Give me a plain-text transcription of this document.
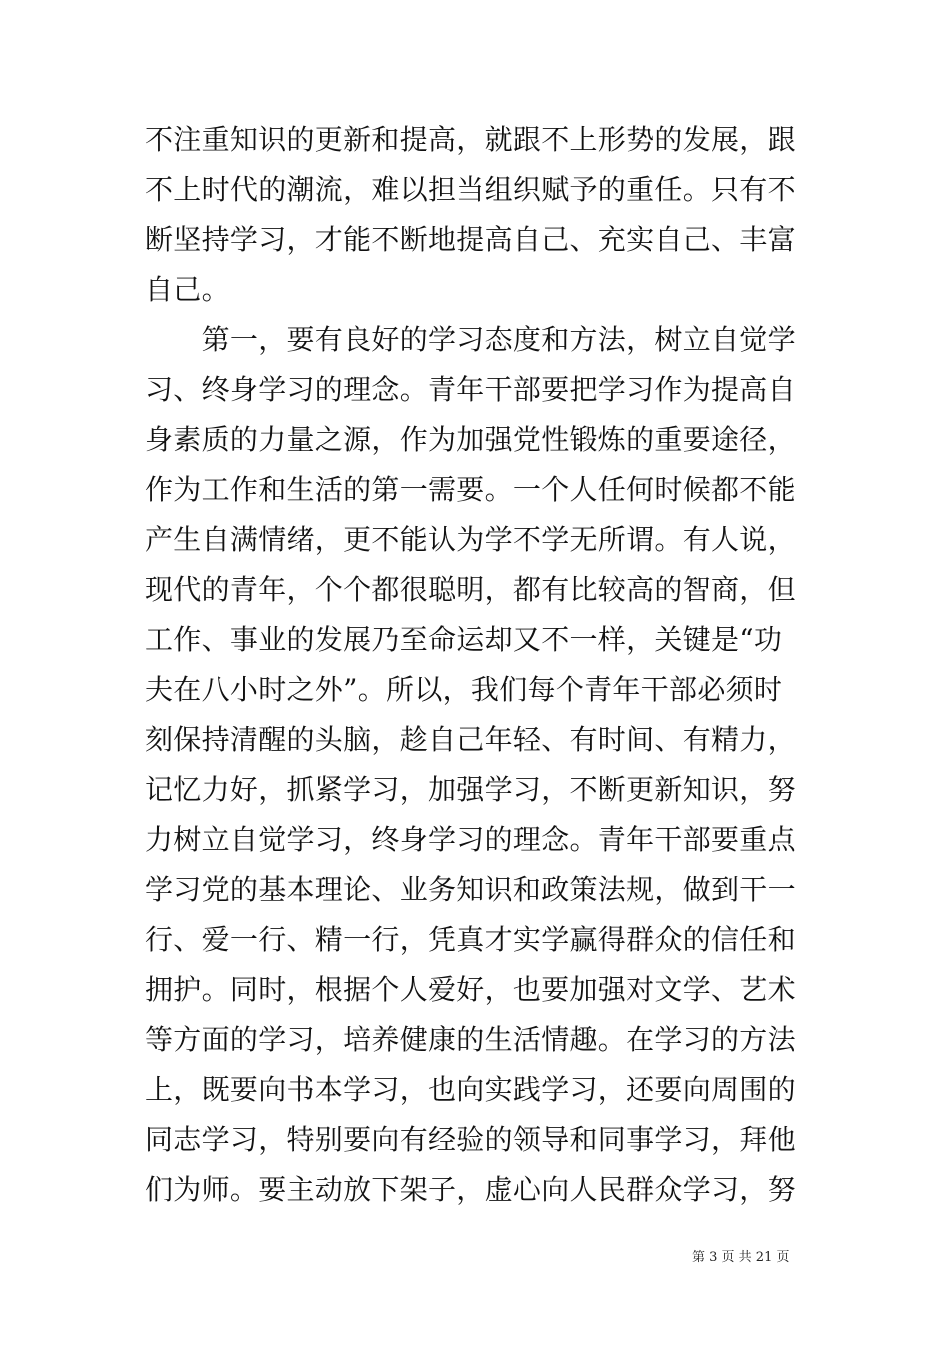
不注重知识的更新和提高，就跟不上形势的发展，跟
不上时代的潮流，难以担当组织赋予的重任。只有不
断坚持学习，才能不断地提高自己、充实自己、丰富
自己。
　　第一，要有良好的学习态度和方法，树立自觉学
习、终身学习的理念。青年干部要把学习作为提高自
身素质的力量之源，作为加强党性锻炼的重要途径，
作为工作和生活的第一需要。一个人任何时候都不能
产生自满情绪，更不能认为学不学无所谓。有人说，
现代的青年，个个都很聪明，都有比较高的智商，但
工作、事业的发展乃至命运却又不一样，关键是“功
夫在八小时之外”。所以，我们每个青年干部必须时
刻保持清醒的头脑，趁自己年轻、有时间、有精力，
记忆力好，抓紧学习，加强学习，不断更新知识，努
力树立自觉学习，终身学习的理念。青年干部要重点
学习党的基本理论、业务知识和政策法规，做到干一
行、爱一行、精一行，凭真才实学赢得群众的信任和
拥护。同时，根据个人爱好，也要加强对文学、艺术
等方面的学习，培养健康的生活情趣。在学习的方法
上，既要向书本学习，也向实践学习，还要向周围的
同志学习，特别要向有经验的领导和同事学习，拜他
们为师。要主动放下架子，虚心向人民群众学习，努
第 3 页 共 21 页
